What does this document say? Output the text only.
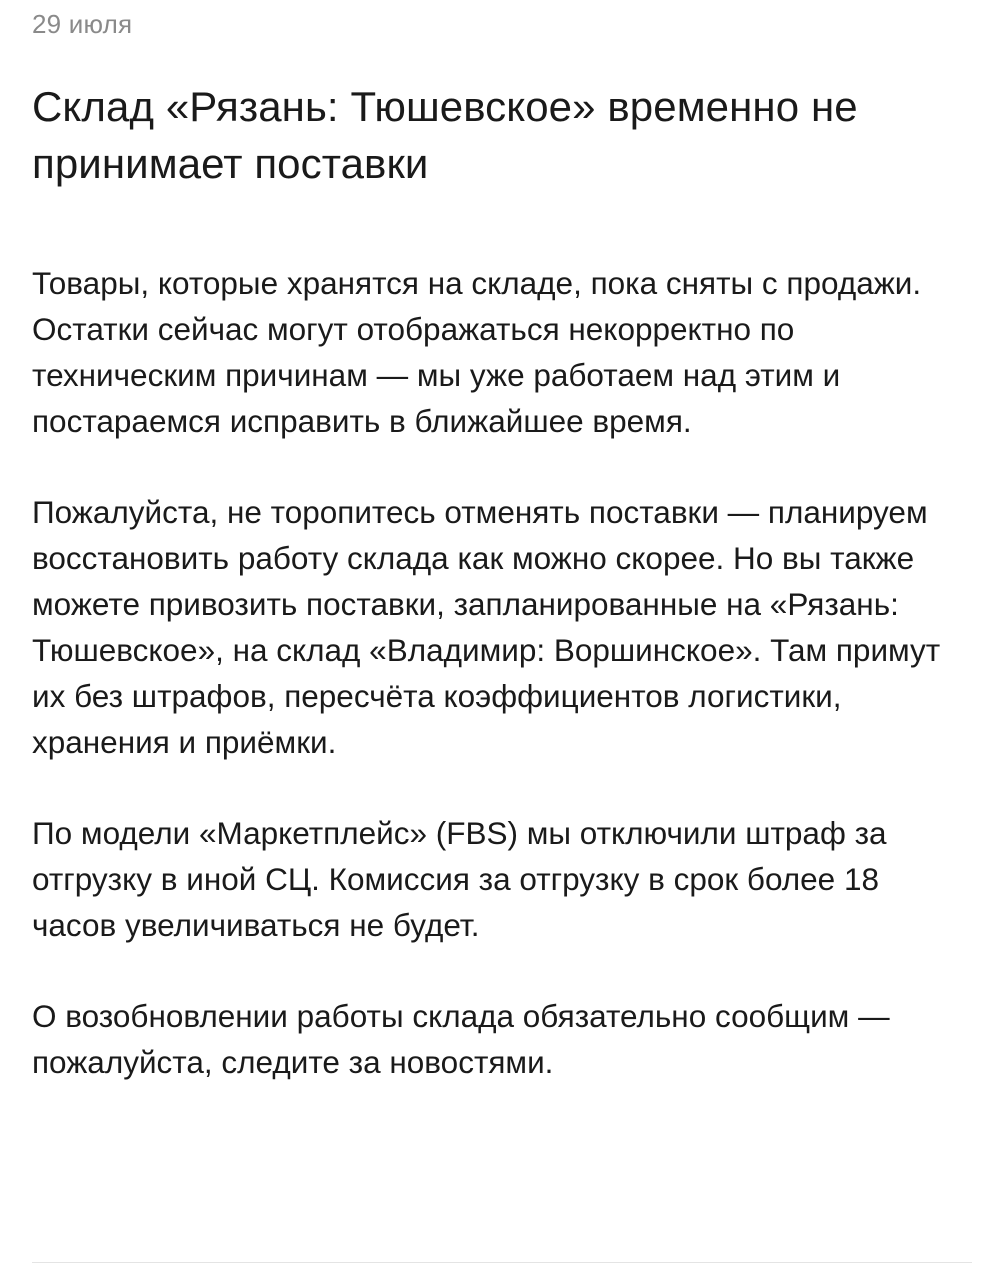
29 июля
Склад «Рязань: Тюшевское» временно не принимает поставки

Товары, которые хранятся на складе, пока сняты с продажи. Остатки сейчас могут отображаться некорректно по техническим причинам — мы уже работаем над этим и постараемся исправить в ближайшее время.

Пожалуйста, не торопитесь отменять поставки — планируем восстановить работу склада как можно скорее. Но вы также можете привозить поставки, запланированные на «Рязань: Тюшевское», на склад «Владимир: Воршинское». Там примут их без штрафов, пересчёта коэффициентов логистики, хранения и приёмки.

По модели «Маркетплейс» (FBS) мы отключили штраф за отгрузку в иной СЦ. Комиссия за отгрузку в срок более 18 часов увеличиваться не будет.

О возобновлении работы склада обязательно сообщим — пожалуйста, следите за новостями.
